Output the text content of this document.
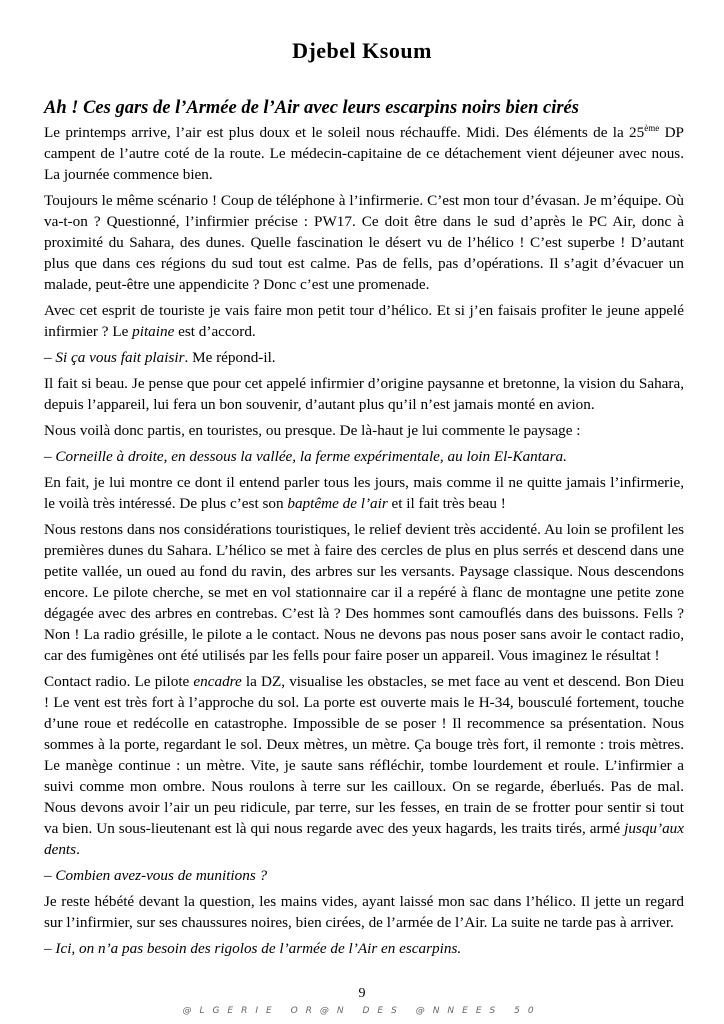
Djebel Ksoum
Ah ! Ces gars de l’Armée de l’Air avec leurs escarpins noirs bien cirés

Le printemps arrive, l’air est plus doux et le soleil nous réchauffe. Midi. Des éléments de la 25ème DP campent de l’autre coté de la route. Le médecin-capitaine de ce détachement vient déjeuner avec nous. La journée commence bien.

Toujours le même scénario ! Coup de téléphone à l’infirmerie. C’est mon tour d’évasan. Je m’équipe. Où va-t-on ? Questionné, l’infirmier précise : PW17. Ce doit être dans le sud d’après le PC Air, donc à proximité du Sahara, des dunes. Quelle fascination le désert vu de l’hélico ! C’est superbe ! D’autant plus que dans ces régions du sud tout est calme. Pas de fells, pas d’opérations. Il s’agit d’évacuer un malade, peut-être une appendicite ? Donc c’est une promenade.

Avec cet esprit de touriste je vais faire mon petit tour d’hélico. Et si j’en faisais profiter le jeune appelé infirmier ? Le pitaine est d’accord.

– Si ça vous fait plaisir. Me répond-il.

Il fait si beau. Je pense que pour cet appelé infirmier d’origine paysanne et bretonne, la vision du Sahara, depuis l’appareil, lui fera un bon souvenir, d’autant plus qu’il n’est jamais monté en avion.

Nous voilà donc partis, en touristes, ou presque. De là-haut je lui commente le paysage :

– Corneille à droite, en dessous la vallée, la ferme expérimentale, au loin El-Kantara.

En fait, je lui montre ce dont il entend parler tous les jours, mais comme il ne quitte jamais l’infirmerie, le voilà très intéressé. De plus c’est son baptême de l’air et il fait très beau !

Nous restons dans nos considérations touristiques, le relief devient très accidenté. Au loin se profilent les premières dunes du Sahara. L’hélico se met à faire des cercles de plus en plus serrés et descend dans une petite vallée, un oued au fond du ravin, des arbres sur les versants. Paysage classique. Nous descendons encore. Le pilote cherche, se met en vol stationnaire car il a repéré à flanc de montagne une petite zone dégagée avec des arbres en contrebas. C’est là ? Des hommes sont camouflés dans des buissons. Fells ? Non ! La radio grésille, le pilote a le contact. Nous ne devons pas nous poser sans avoir le contact radio, car des fumigènes ont été utilisés par les fells pour faire poser un appareil. Vous imaginez le résultat !

Contact radio. Le pilote encadre la DZ, visualise les obstacles, se met face au vent et descend. Bon Dieu ! Le vent est très fort à l’approche du sol. La porte est ouverte mais le H-34, bousculé fortement, touche d’une roue et redécolle en catastrophe. Impossible de se poser ! Il recommence sa présentation. Nous sommes à la porte, regardant le sol. Deux mètres, un mètre. Ça bouge très fort, il remonte : trois mètres. Le manège continue : un mètre. Vite, je saute sans réfléchir, tombe lourdement et roule. L’infirmier a suivi comme mon ombre. Nous roulons à terre sur les cailloux. On se regarde, éberlués. Pas de mal. Nous devons avoir l’air un peu ridicule, par terre, sur les fesses, en train de se frotter pour sentir si tout va bien. Un sous-lieutenant est là qui nous regarde avec des yeux hagards, les traits tirés, armé jusqu’aux dents.

– Combien avez-vous de munitions ?

Je reste hébété devant la question, les mains vides, ayant laissé mon sac dans l’hélico. Il jette un regard sur l’infirmier, sur ses chaussures noires, bien cirées, de l’armée de l’Air. La suite ne tarde pas à arriver.

– Ici, on n’a pas besoin des rigolos de l’armée de l’Air en escarpins.

9
@LGERIE OR@N DES @NNEES 50
